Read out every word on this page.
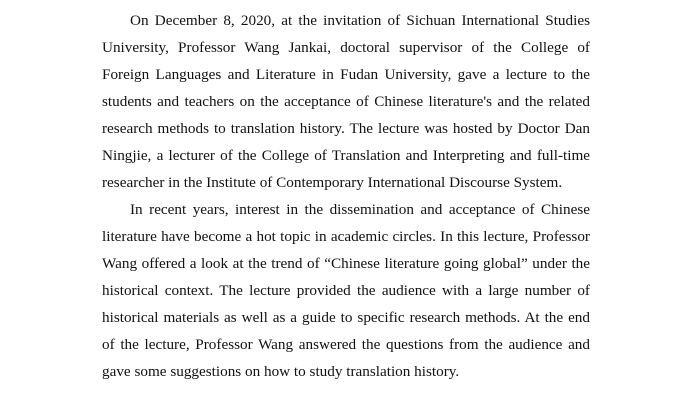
On December 8, 2020, at the invitation of Sichuan International Studies University, Professor Wang Jankai, doctoral supervisor of the College of Foreign Languages and Literature in Fudan University, gave a lecture to the students and teachers on the acceptance of Chinese literature's and the related research methods to translation history. The lecture was hosted by Doctor Dan Ningjie, a lecturer of the College of Translation and Interpreting and full-time researcher in the Institute of Contemporary International Discourse System.

In recent years, interest in the dissemination and acceptance of Chinese literature have become a hot topic in academic circles. In this lecture, Professor Wang offered a look at the trend of “Chinese literature going global” under the historical context. The lecture provided the audience with a large number of historical materials as well as a guide to specific research methods. At the end of the lecture, Professor Wang answered the questions from the audience and gave some suggestions on how to study translation history.
